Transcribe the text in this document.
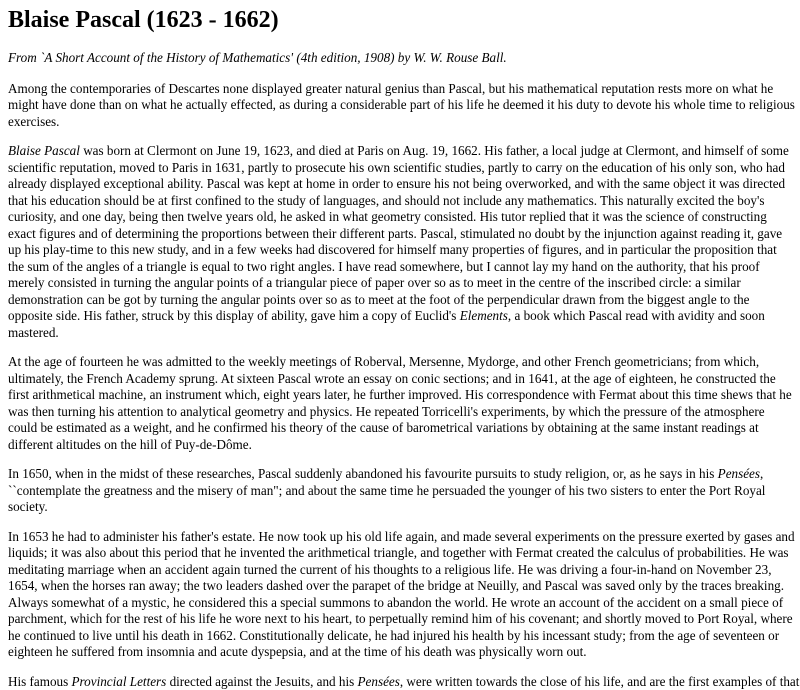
Blaise Pascal (1623 - 1662)

From `A Short Account of the History of Mathematics' (4th edition, 1908) by W. W. Rouse Ball.

Among the contemporaries of Descartes none displayed greater natural genius than Pascal, but his mathematical reputation rests more on what he might have done than on what he actually effected, as during a considerable part of his life he deemed it his duty to devote his whole time to religious exercises.

Blaise Pascal was born at Clermont on June 19, 1623, and died at Paris on Aug. 19, 1662. His father, a local judge at Clermont, and himself of some scientific reputation, moved to Paris in 1631, partly to prosecute his own scientific studies, partly to carry on the education of his only son, who had already displayed exceptional ability. Pascal was kept at home in order to ensure his not being overworked, and with the same object it was directed that his education should be at first confined to the study of languages, and should not include any mathematics. This naturally excited the boy's curiosity, and one day, being then twelve years old, he asked in what geometry consisted. His tutor replied that it was the science of constructing exact figures and of determining the proportions between their different parts. Pascal, stimulated no doubt by the injunction against reading it, gave up his play-time to this new study, and in a few weeks had discovered for himself many properties of figures, and in particular the proposition that the sum of the angles of a triangle is equal to two right angles. I have read somewhere, but I cannot lay my hand on the authority, that his proof merely consisted in turning the angular points of a triangular piece of paper over so as to meet in the centre of the inscribed circle: a similar demonstration can be got by turning the angular points over so as to meet at the foot of the perpendicular drawn from the biggest angle to the opposite side. His father, struck by this display of ability, gave him a copy of Euclid's Elements, a book which Pascal read with avidity and soon mastered.

At the age of fourteen he was admitted to the weekly meetings of Roberval, Mersenne, Mydorge, and other French geometricians; from which, ultimately, the French Academy sprung. At sixteen Pascal wrote an essay on conic sections; and in 1641, at the age of eighteen, he constructed the first arithmetical machine, an instrument which, eight years later, he further improved. His correspondence with Fermat about this time shews that he was then turning his attention to analytical geometry and physics. He repeated Torricelli's experiments, by which the pressure of the atmosphere could be estimated as a weight, and he confirmed his theory of the cause of barometrical variations by obtaining at the same instant readings at different altitudes on the hill of Puy-de-Dôme.

In 1650, when in the midst of these researches, Pascal suddenly abandoned his favourite pursuits to study religion, or, as he says in his Pensées, ``contemplate the greatness and the misery of man"; and about the same time he persuaded the younger of his two sisters to enter the Port Royal society.

In 1653 he had to administer his father's estate. He now took up his old life again, and made several experiments on the pressure exerted by gases and liquids; it was also about this period that he invented the arithmetical triangle, and together with Fermat created the calculus of probabilities. He was meditating marriage when an accident again turned the current of his thoughts to a religious life. He was driving a four-in-hand on November 23, 1654, when the horses ran away; the two leaders dashed over the parapet of the bridge at Neuilly, and Pascal was saved only by the traces breaking. Always somewhat of a mystic, he considered this a special summons to abandon the world. He wrote an account of the accident on a small piece of parchment, which for the rest of his life he wore next to his heart, to perpetually remind him of his covenant; and shortly moved to Port Royal, where he continued to live until his death in 1662. Constitutionally delicate, he had injured his health by his incessant study; from the age of seventeen or eighteen he suffered from insomnia and acute dyspepsia, and at the time of his death was physically worn out.

His famous Provincial Letters directed against the Jesuits, and his Pensées, were written towards the close of his life, and are the first examples of that
